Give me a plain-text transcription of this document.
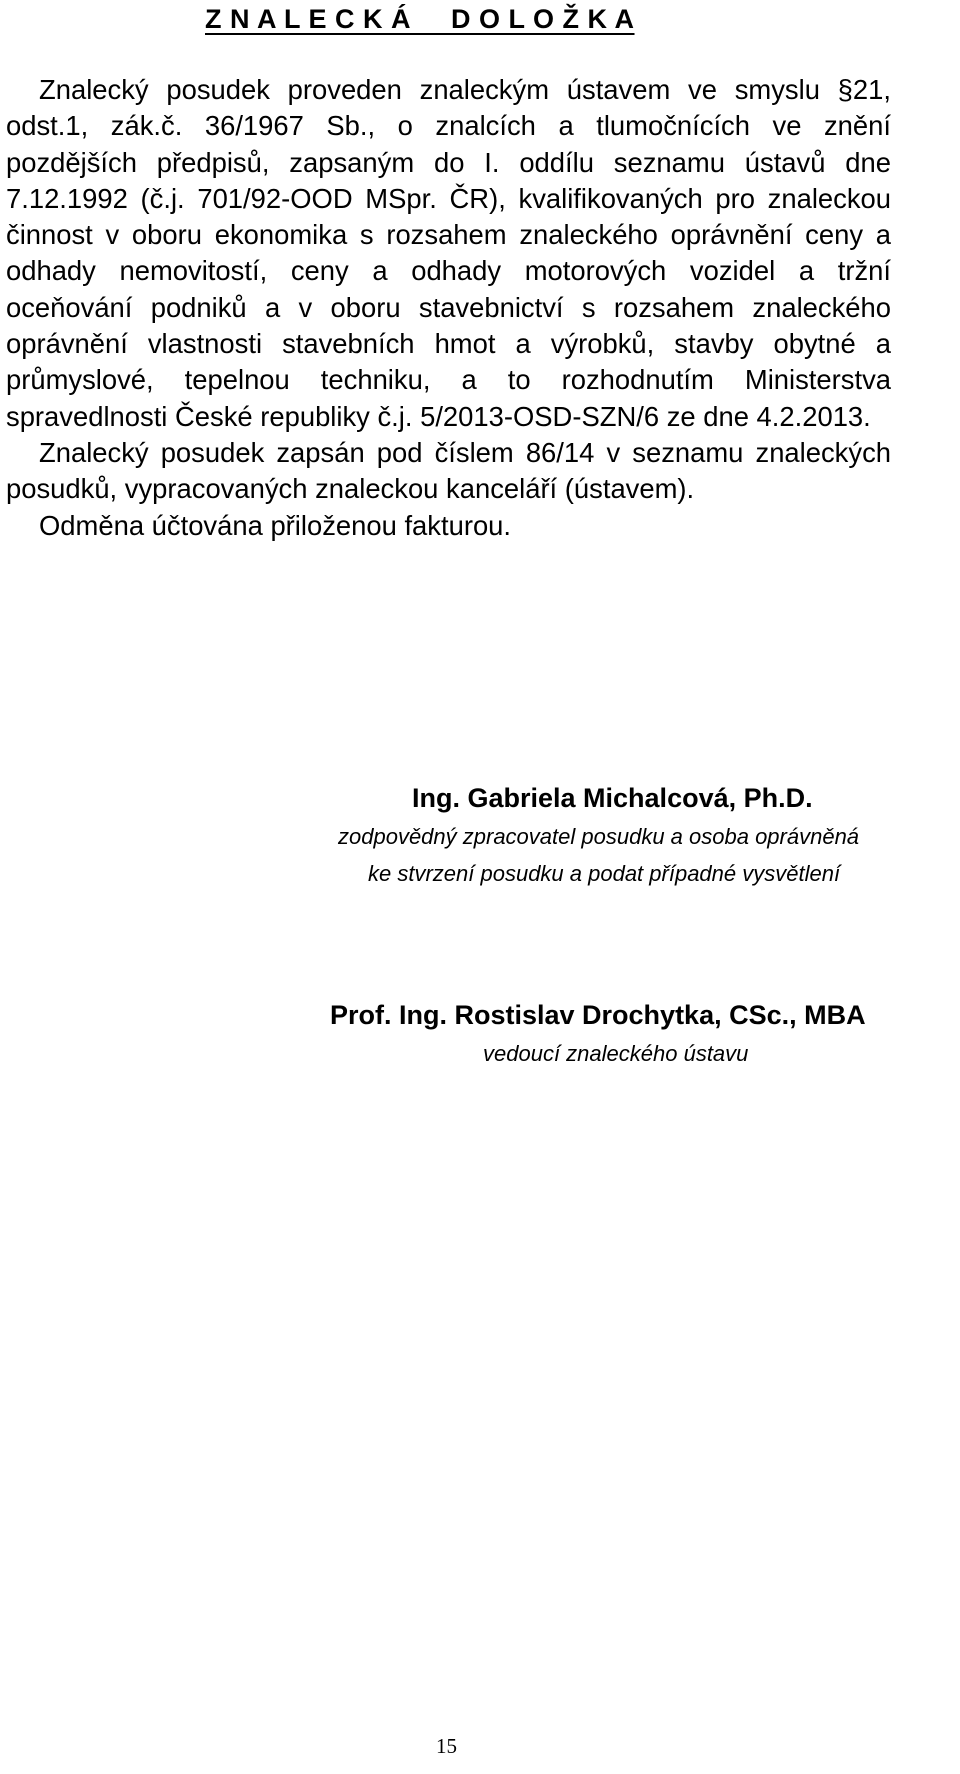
Z N A L E C K Á     D O L O Ž K A

Znalecký posudek proveden znaleckým ústavem ve smyslu §21, odst.1, zák.č. 36/1967 Sb., o znalcích a tlumočnících ve znění pozdějších předpisů, zapsaným do I. oddílu seznamu ústavů dne 7.12.1992 (č.j. 701/92-OOD MSpr. ČR), kvalifikovaných pro znaleckou činnost v oboru ekonomika s rozsahem znaleckého oprávnění ceny a odhady nemovitostí, ceny a odhady motorových vozidel a tržní oceňování podniků a v oboru stavebnictví s rozsahem znaleckého oprávnění vlastnosti stavebních hmot a výrobků, stavby obytné a průmyslové, tepelnou techniku, a to rozhodnutím Ministerstva spravedlnosti České republiky č.j. 5/2013-OSD-SZN/6 ze dne 4.2.2013.

Znalecký posudek zapsán pod číslem 86/14 v seznamu znaleckých posudků, vypracovaných znaleckou kanceláří (ústavem).

Odměna účtována přiloženou fakturou.

Ing. Gabriela Michalcová, Ph.D.
zodpovědný zpracovatel posudku a osoba oprávněná
ke stvrzení posudku a podat případné vysvětlení
Prof. Ing. Rostislav Drochytka, CSc., MBA
vedoucí znaleckého ústavu
15
